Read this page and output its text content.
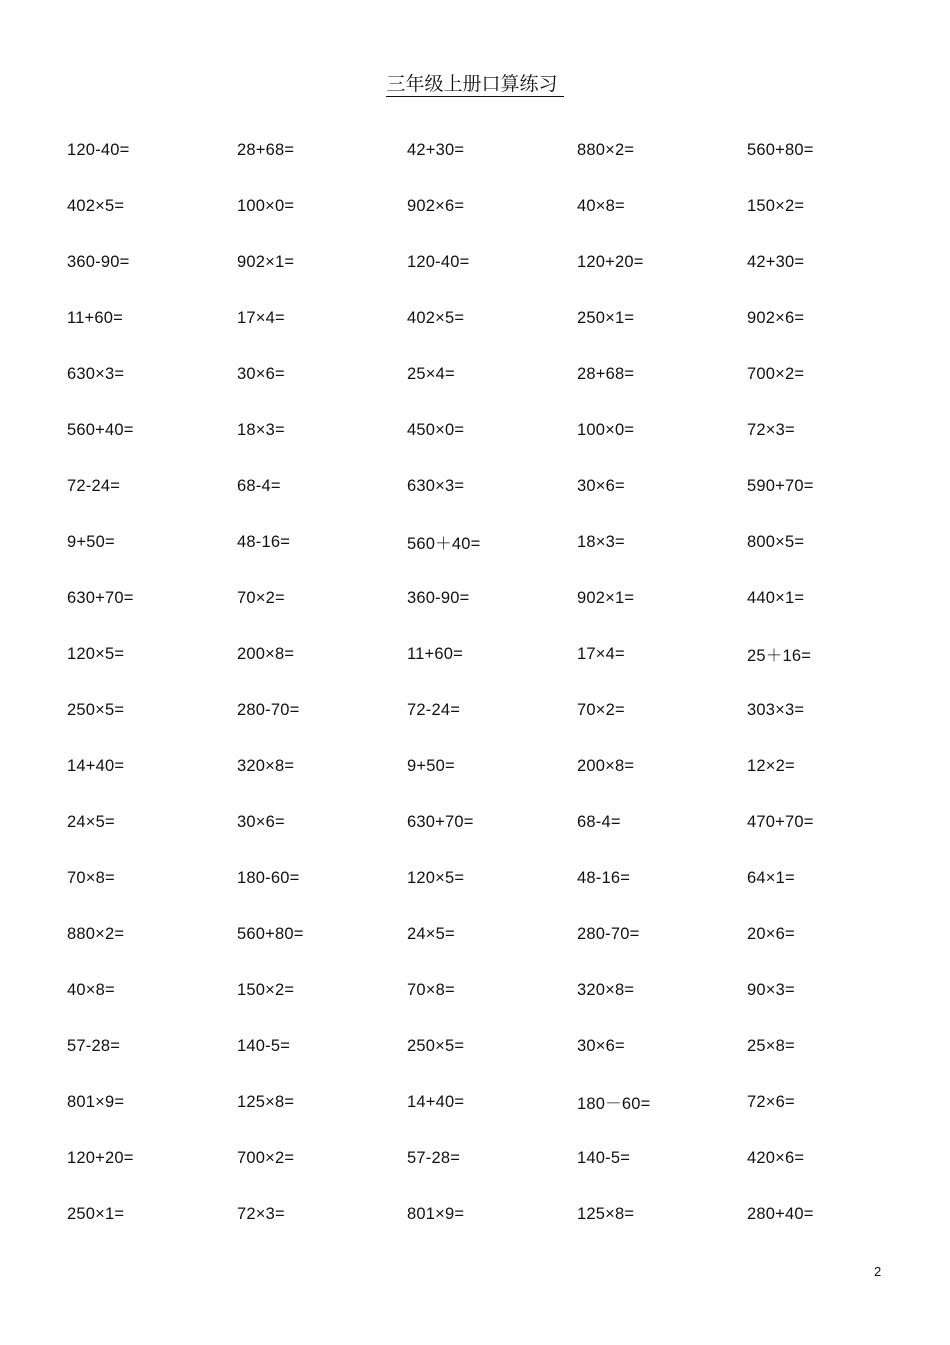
三年级上册口算练习
120-40=	28+68=	42+30=	880×2=	560+80=
402×5=	100×0=	902×6=	40×8=	150×2=
360-90=	902×1=	120-40=	120+20=	42+30=
11+60=	17×4=	402×5=	250×1=	902×6=
630×3=	30×6=	25×4=	28+68=	700×2=
560+40=	18×3=	450×0=	100×0=	72×3=
72-24=	68-4=	630×3=	30×6=	590+70=
9+50=	48-16=	560＋40=	18×3=	800×5=
630+70=	70×2=	360-90=	902×1=	440×1=
120×5=	200×8=	11+60=	17×4=	25＋16=
250×5=	280-70=	72-24=	70×2=	303×3=
14+40=	320×8=	9+50=	200×8=	12×2=
24×5=	30×6=	630+70=	68-4=	470+70=
70×8=	180-60=	120×5=	48-16=	64×1=
880×2=	560+80=	24×5=	280-70=	20×6=
40×8=	150×2=	70×8=	320×8=	90×3=
57-28=	140-5=	250×5=	30×6=	25×8=
801×9=	125×8=	14+40=	180－60=	72×6=
120+20=	700×2=	57-28=	140-5=	420×6=
250×1=	72×3=	801×9=	125×8=	280+40=
2
